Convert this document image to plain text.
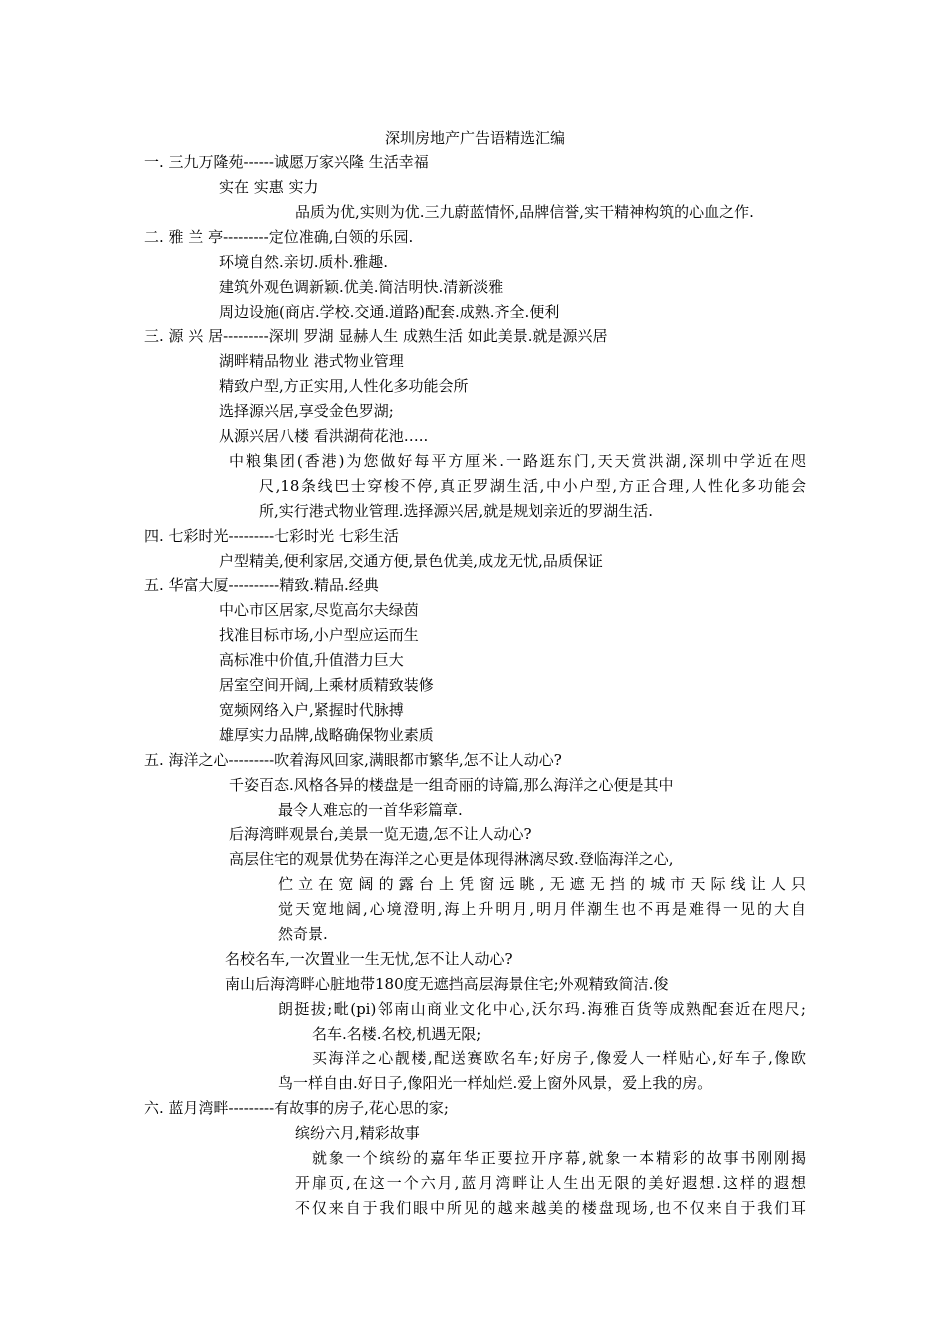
深圳房地产广告语精选汇编
一. 三九万隆苑------诚愿万家兴隆 生活幸福
实在 实惠 实力
品质为优,实则为优.三九蔚蓝情怀,品牌信誉,实干精神构筑的心血之作.
二. 雅 兰 亭---------定位准确,白领的乐园.
环境自然.亲切.质朴.雅趣.
建筑外观色调新颖.优美.简洁明快.清新淡雅
周边设施(商店.学校.交通.道路)配套.成熟.齐全.便利
三. 源 兴 居---------深圳 罗湖 显赫人生 成熟生活 如此美景.就是源兴居
湖畔精品物业 港式物业管理
精致户型,方正实用,人性化多功能会所
选择源兴居,享受金色罗湖;
从源兴居八楼 看洪湖荷花池…..
中粮集团(香港)为您做好每平方厘米.一路逛东门,天天赏洪湖,深圳中学近在咫
尺,18条线巴士穿梭不停,真正罗湖生活,中小户型,方正合理,人性化多功能会
所,实行港式物业管理.选择源兴居,就是规划亲近的罗湖生活.
四. 七彩时光---------七彩时光 七彩生活
户型精美,便利家居,交通方便,景色优美,成龙无忧,品质保证
五. 华富大厦----------精致.精品.经典
中心市区居家,尽览高尔夫绿茵
找准目标市场,小户型应运而生
高标准中价值,升值潜力巨大
居室空间开阔,上乘材质精致装修
宽频网络入户,紧握时代脉搏
雄厚实力品牌,战略确保物业素质
五. 海洋之心---------吹着海风回家,满眼都市繁华,怎不让人动心?
千姿百态.风格各异的楼盘是一组奇丽的诗篇,那么海洋之心便是其中
最令人难忘的一首华彩篇章.
后海湾畔观景台,美景一览无遗,怎不让人动心?
高层住宅的观景优势在海洋之心更是体现得淋漓尽致.登临海洋之心,
伫立在宽阔的露台上凭窗远眺,无遮无挡的城市天际线让人只
觉天宽地阔,心境澄明,海上升明月,明月伴潮生也不再是难得一见的大自
然奇景.
名校名车,一次置业一生无忧,怎不让人动心?
南山后海湾畔心脏地带180度无遮挡高层海景住宅;外观精致简洁.俊
朗挺拔;毗(pi)邻南山商业文化中心,沃尔玛.海雅百货等成熟配套近在咫尺;
名车.名楼.名校,机遇无限;
买海洋之心靓楼,配送赛欧名车;好房子,像爱人一样贴心,好车子,像欧
鸟一样自由.好日子,像阳光一样灿烂.爱上窗外风景，爱上我的房。
六. 蓝月湾畔---------有故事的房子,花心思的家;
缤纷六月,精彩故事
就象一个缤纷的嘉年华正要拉开序幕,就象一本精彩的故事书刚刚揭
开扉页,在这一个六月,蓝月湾畔让人生出无限的美好遐想.这样的遐想
不仅来自于我们眼中所见的越来越美的楼盘现场,也不仅来自于我们耳
